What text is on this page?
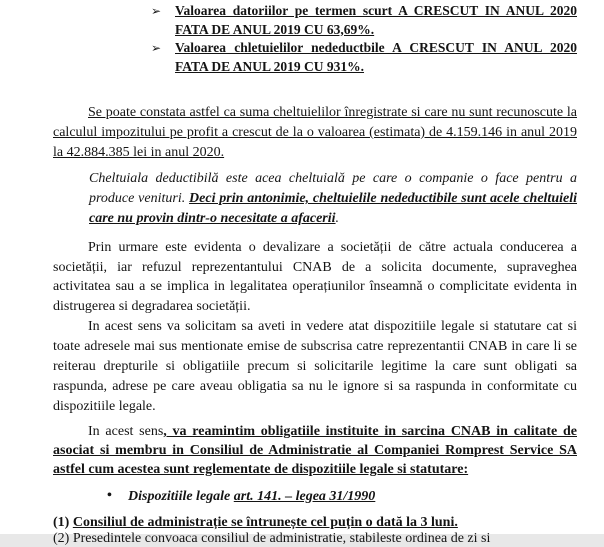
➢ Valoarea datoriilor pe termen scurt A CRESCUT IN ANUL 2020 FATA DE ANUL 2019 CU 63,69%.
➢ Valoarea chletuielilor nedeductbile A CRESCUT IN ANUL 2020 FATA DE ANUL 2019 CU 931%.

Se poate constata astfel ca suma cheltuielilor înregistrate si care nu sunt recunoscute la calculul impozitului pe profit a crescut de la o valoarea (estimata) de 4.159.146 in anul 2019 la 42.884.385 lei in anul 2020.

Cheltuiala deductibilă este acea cheltuială pe care o companie o face pentru a produce venituri. Deci prin antonimie, cheltuielile nedeductibile sunt acele cheltuieli care nu provin dintr-o necesitate a afacerii.

Prin urmare este evidenta o devalizare a societății de către actuala conducerea a societății, iar refuzul reprezentantului CNAB de a solicita documente, supraveghea activitatea sau a se implica in legalitatea operațiunilor înseamnă o complicitate evidenta in distrugerea si degradarea societății.

In acest sens va solicitam sa aveti in vedere atat dispozitiile legale si statutare cat si toate adresele mai sus mentionate emise de subscrisa catre reprezentantii CNAB in care li se reiterau drepturile si obligatiile precum si solicitarile legitime la care sunt obligati sa raspunda, adrese pe care aveau obligatia sa nu le ignore si sa raspunda in conformitate cu dispozitiile legale.

In acest sens, va reamintim obligatiile instituite in sarcina CNAB in calitate de asociat si membru in Consiliul de Administratie al Companiei Romprest Service SA astfel cum acestea sunt reglementate de dispozitiile legale si statutare:

• Dispozitiile legale art. 141. – legea 31/1990

(1) Consiliul de administrație se întrunește cel puțin o dată la 3 luni.

(2) Presedintele convoaca consiliul de administratie, stabileste ordinea de zi si
